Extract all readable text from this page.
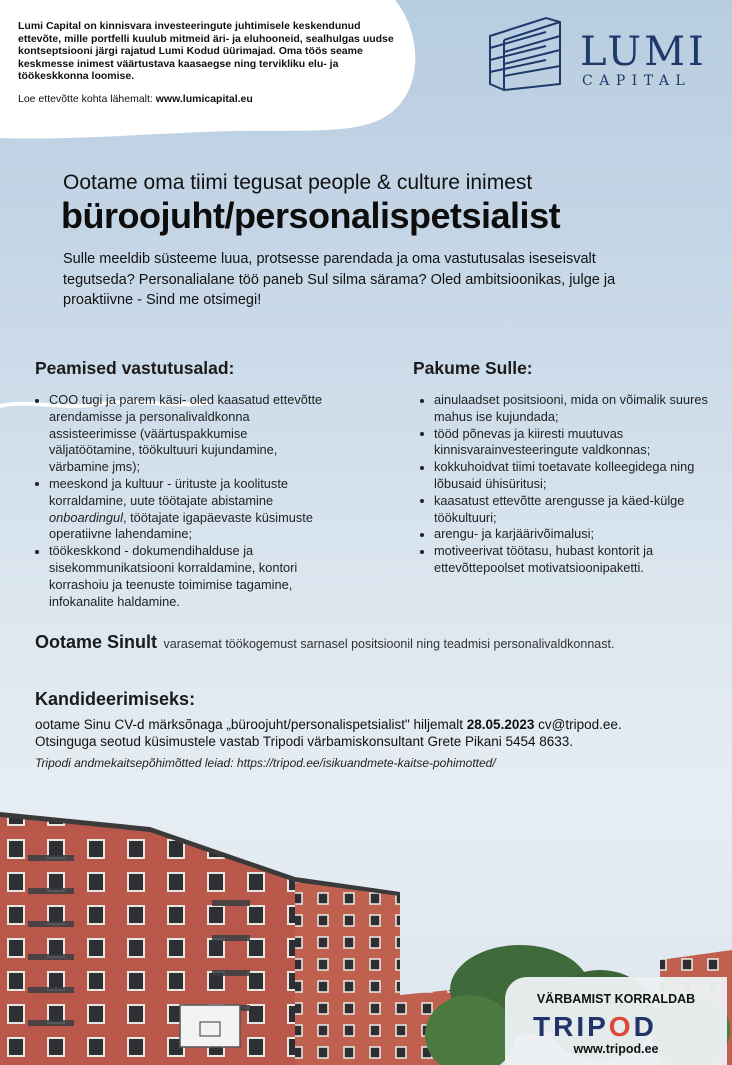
Lumi Capital on kinnisvara investeeringute juhtimisele keskendunud ettevõte, mille portfelli kuulub mitmeid äri- ja eluhooneid, sealhulgas uudse kontseptsiooni järgi rajatud Lumi Kodud üürimajad. Oma töös seame keskmesse inimest väärtustava kaasaegse ning tervikliku elu- ja töökeskkonna loomise.
Loe ettevõtte kohta lähemalt: www.lumicapital.eu
LUMI
CAPITAL
Ootame oma tiimi tegusat people & culture inimest
büroojuht/personalispetsialist
Sulle meeldib süsteeme luua, protsesse parendada ja oma vastutusalas iseseisvalt tegutseda? Personalialane töö paneb Sul silma särama? Oled ambitsioonikas, julge ja proaktiivne - Sind me otsimegi!
Peamised vastutusalad:
COO tugi ja parem käsi- oled kaasatud ettevõtte arendamisse ja personalivaldkonna assisteerimisse (väärtuspakkumise väljatöötamine, töökultuuri kujundamine, värbamine jms);
meeskond ja kultuur - ürituste ja koolituste korraldamine, uute töötajate abistamine onboardingul, töötajate igapäevaste küsimuste operatiivne lahendamine;
töökeskkond - dokumendihalduse ja sisekommunikatsiooni korraldamine, kontori korrashoiu ja teenuste toimimise tagamine, infokanalite haldamine.
Pakume Sulle:
ainulaadset positsiooni, mida on võimalik suures mahus ise kujundada;
tööd põnevas ja kiiresti muutuvas kinnisvarainvesteeringute valdkonnas;
kokkuhoidvat tiimi toetavate kolleegidega ning lõbusaid ühisüritusi;
kaasatust ettevõtte arengusse ja käed-külge töökultuuri;
arengu- ja karjäärivõimalusi;
motiveerivat töötasu, hubast kontorit ja ettevõttepoolset motivatsioonipaketti.
Ootame Sinult varasemat töökogemust sarnasel positsioonil ning teadmisi personalivaldkonnast.
Kandideerimiseks:
ootame Sinu CV-d märksõnaga „büroojuht/personalispetsialist" hiljemalt 28.05.2023 cv@tripod.ee.
Otsinguga seotud küsimustele vastab Tripodi värbamiskonsultant Grete Pikani 5454 8633.
Tripodi andmekaitsepõhimõtted leiad: https://tripod.ee/isikuandmete-kaitse-pohimotted/
VÄRBAMIST KORRALDAB
TRIPOD
www.tripod.ee
